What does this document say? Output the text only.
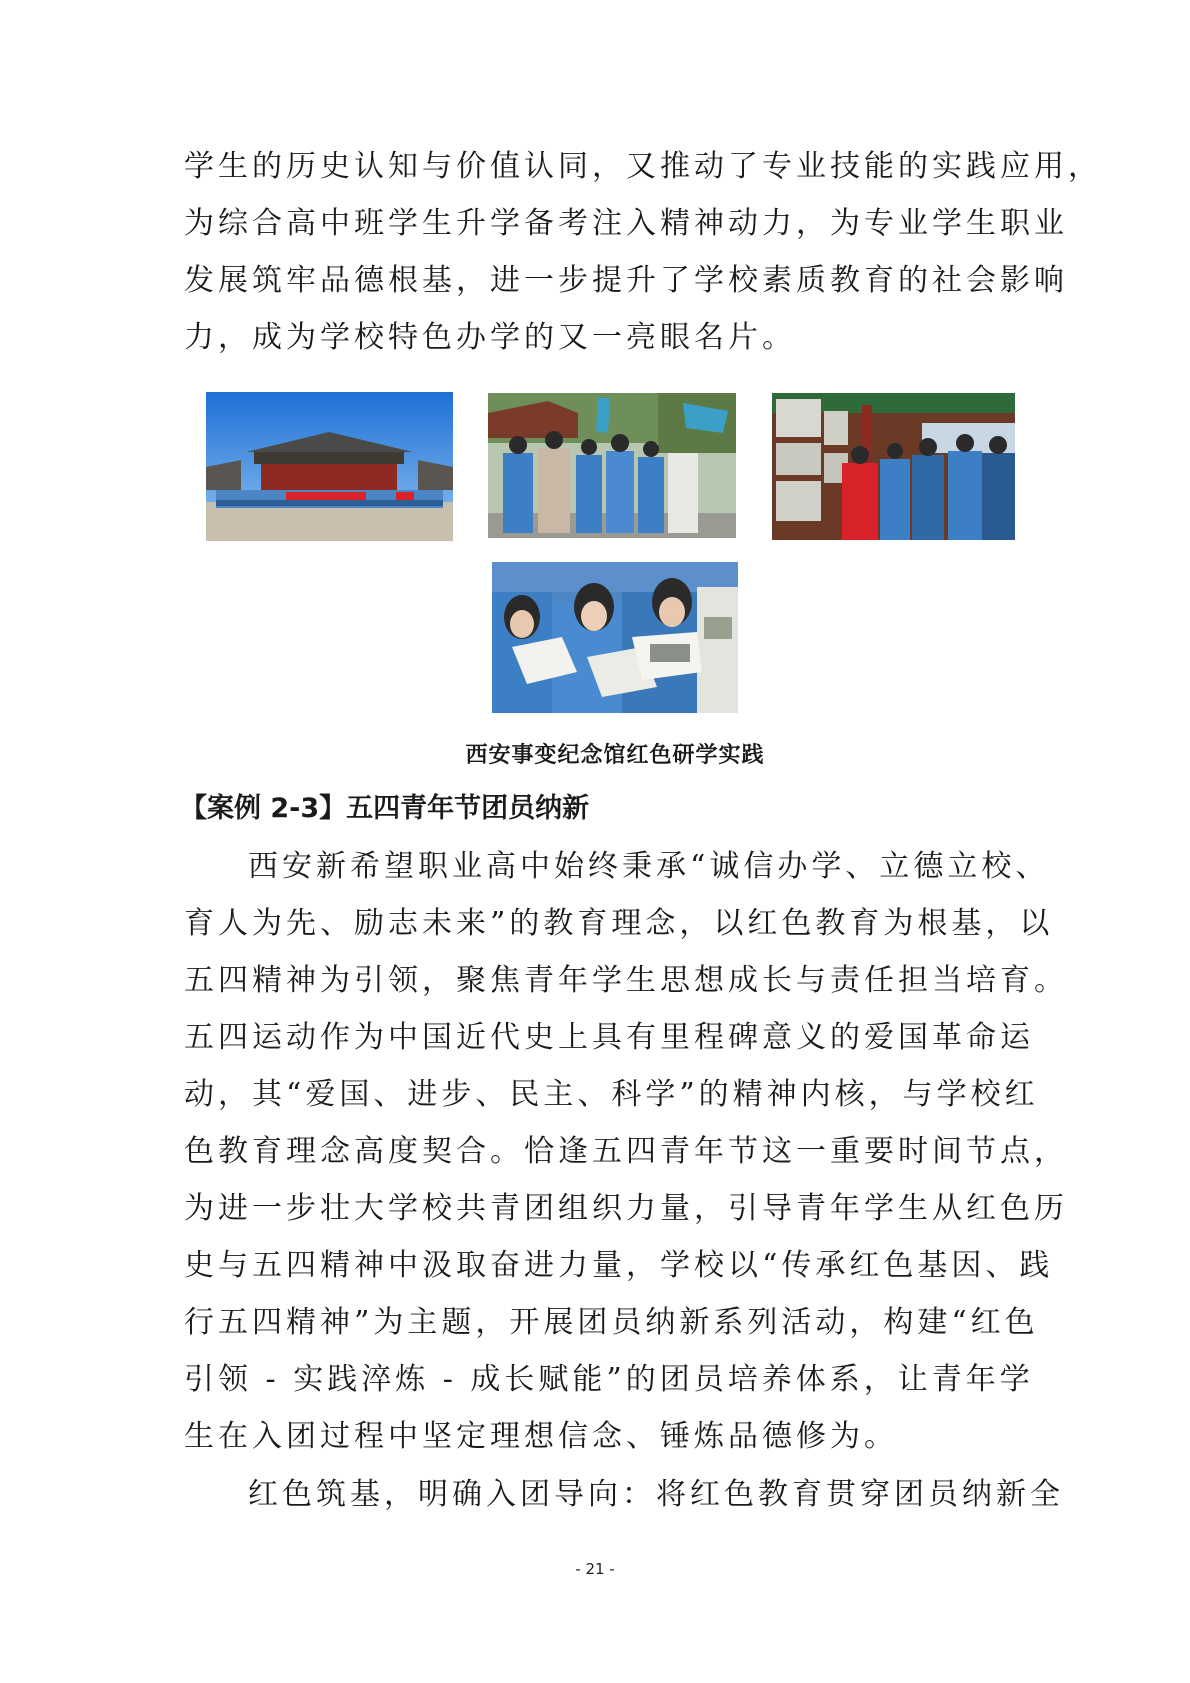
学生的历史认知与价值认同，又推动了专业技能的实践应用，
为综合高中班学生升学备考注入精神动力，为专业学生职业
发展筑牢品德根基，进一步提升了学校素质教育的社会影响
力，成为学校特色办学的又一亮眼名片。
西安事变纪念馆红色研学实践
【案例 2-3】五四青年节团员纳新
西安新希望职业高中始终秉承“诚信办学、立德立校、
育人为先、励志未来”的教育理念，以红色教育为根基，以
五四精神为引领，聚焦青年学生思想成长与责任担当培育。
五四运动作为中国近代史上具有里程碑意义的爱国革命运
动，其“爱国、进步、民主、科学”的精神内核，与学校红
色教育理念高度契合。恰逢五四青年节这一重要时间节点，
为进一步壮大学校共青团组织力量，引导青年学生从红色历
史与五四精神中汲取奋进力量，学校以“传承红色基因、践
行五四精神”为主题，开展团员纳新系列活动，构建“红色
引领 - 实践淬炼 - 成长赋能”的团员培养体系，让青年学
生在入团过程中坚定理想信念、锤炼品德修为。
红色筑基，明确入团导向：将红色教育贯穿团员纳新全
- 21 -
